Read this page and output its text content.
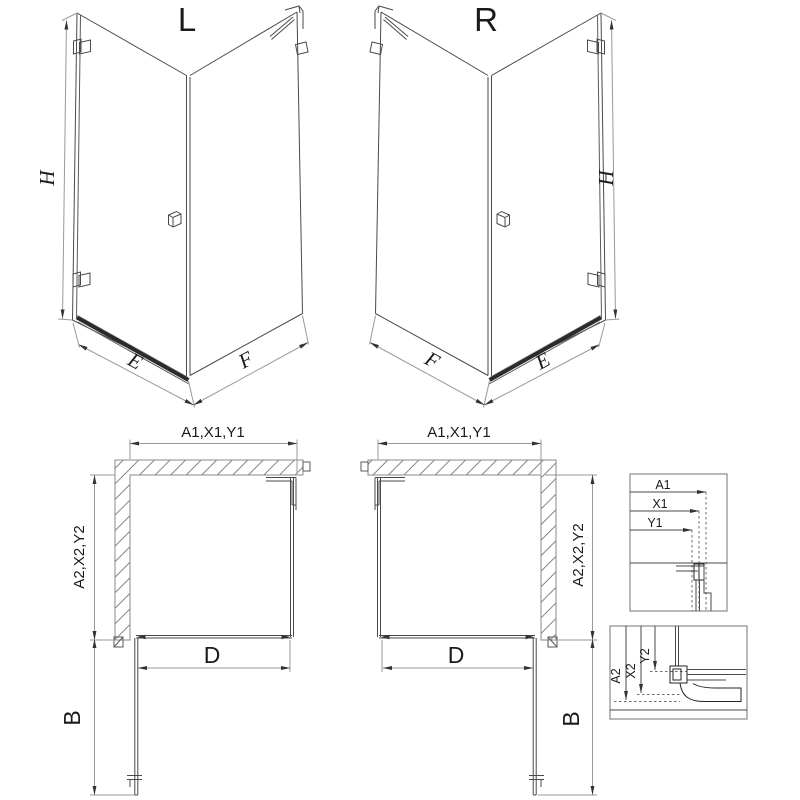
L
H
E	F
R
H
E
F
A1,X1,Y1
A2,X2,Y2
B
D
A1,X1,Y1
A2,X2,Y2
B
D
A1
X1
Y1
A2 X2
Y2
